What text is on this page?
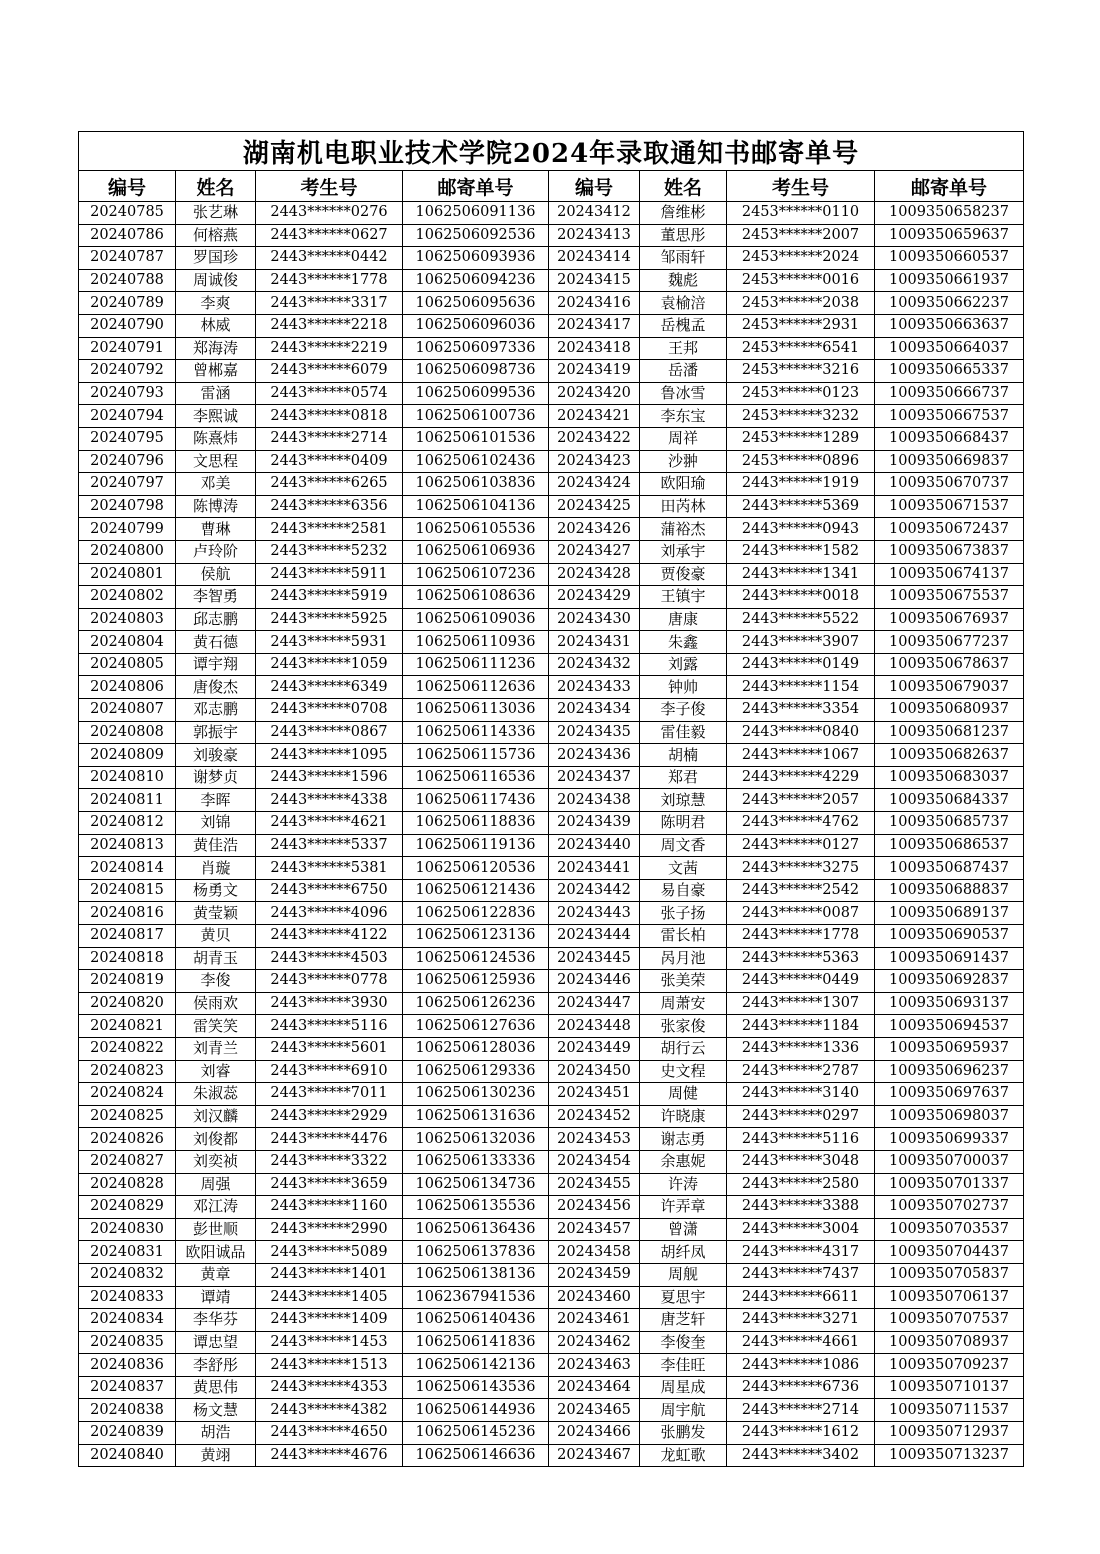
湖南机电职业技术学院2024年录取通知书邮寄单号							
编号	姓名	考生号	邮寄单号	编号	姓名	考生号	邮寄单号
20240785	张艺琳	2443******0276	1062506091136	20243412	詹维彬	2453******0110	1009350658237
20240786	何榕燕	2443******0627	1062506092536	20243413	董思彤	2453******2007	1009350659637
20240787	罗国珍	2443******0442	1062506093936	20243414	邹雨轩	2453******2024	1009350660537
20240788	周诚俊	2443******1778	1062506094236	20243415	魏彪	2453******0016	1009350661937
20240789	李爽	2443******3317	1062506095636	20243416	袁榆涪	2453******2038	1009350662237
20240790	林威	2443******2218	1062506096036	20243417	岳槐孟	2453******2931	1009350663637
20240791	郑海涛	2443******2219	1062506097336	20243418	王邦	2453******6541	1009350664037
20240792	曾郴嘉	2443******6079	1062506098736	20243419	岳潘	2453******3216	1009350665337
20240793	雷涵	2443******0574	1062506099536	20243420	鲁冰雪	2453******0123	1009350666737
20240794	李熙诚	2443******0818	1062506100736	20243421	李东宝	2453******3232	1009350667537
20240795	陈熹炜	2443******2714	1062506101536	20243422	周祥	2453******1289	1009350668437
20240796	文思程	2443******0409	1062506102436	20243423	沙翀	2453******0896	1009350669837
20240797	邓美	2443******6265	1062506103836	20243424	欧阳瑜	2443******1919	1009350670737
20240798	陈博涛	2443******6356	1062506104136	20243425	田芮林	2443******5369	1009350671537
20240799	曹琳	2443******2581	1062506105536	20243426	蒲裕杰	2443******0943	1009350672437
20240800	卢玲阶	2443******5232	1062506106936	20243427	刘承宇	2443******1582	1009350673837
20240801	侯航	2443******5911	1062506107236	20243428	贾俊豪	2443******1341	1009350674137
20240802	李智勇	2443******5919	1062506108636	20243429	王镇宇	2443******0018	1009350675537
20240803	邱志鹏	2443******5925	1062506109036	20243430	唐康	2443******5522	1009350676937
20240804	黄石德	2443******5931	1062506110936	20243431	朱鑫	2443******3907	1009350677237
20240805	谭宇翔	2443******1059	1062506111236	20243432	刘露	2443******0149	1009350678637
20240806	唐俊杰	2443******6349	1062506112636	20243433	钟帅	2443******1154	1009350679037
20240807	邓志鹏	2443******0708	1062506113036	20243434	李子俊	2443******3354	1009350680937
20240808	郭振宇	2443******0867	1062506114336	20243435	雷佳毅	2443******0840	1009350681237
20240809	刘骏豪	2443******1095	1062506115736	20243436	胡楠	2443******1067	1009350682637
20240810	谢梦贞	2443******1596	1062506116536	20243437	郑君	2443******4229	1009350683037
20240811	李晖	2443******4338	1062506117436	20243438	刘琼慧	2443******2057	1009350684337
20240812	刘锦	2443******4621	1062506118836	20243439	陈明君	2443******4762	1009350685737
20240813	黄佳浩	2443******5337	1062506119136	20243440	周文香	2443******0127	1009350686537
20240814	肖璇	2443******5381	1062506120536	20243441	文茜	2443******3275	1009350687437
20240815	杨勇文	2443******6750	1062506121436	20243442	易自豪	2443******2542	1009350688837
20240816	黄莹颖	2443******4096	1062506122836	20243443	张子扬	2443******0087	1009350689137
20240817	黄贝	2443******4122	1062506123136	20243444	雷长柏	2443******1778	1009350690537
20240818	胡青玉	2443******4503	1062506124536	20243445	呙月池	2443******5363	1009350691437
20240819	李俊	2443******0778	1062506125936	20243446	张美荣	2443******0449	1009350692837
20240820	侯雨欢	2443******3930	1062506126236	20243447	周萧安	2443******1307	1009350693137
20240821	雷笑笑	2443******5116	1062506127636	20243448	张家俊	2443******1184	1009350694537
20240822	刘青兰	2443******5601	1062506128036	20243449	胡行云	2443******1336	1009350695937
20240823	刘睿	2443******6910	1062506129336	20243450	史文程	2443******2787	1009350696237
20240824	朱淑蕊	2443******7011	1062506130236	20243451	周健	2443******3140	1009350697637
20240825	刘汉麟	2443******2929	1062506131636	20243452	许晓康	2443******0297	1009350698037
20240826	刘俊都	2443******4476	1062506132036	20243453	谢志勇	2443******5116	1009350699337
20240827	刘奕祯	2443******3322	1062506133336	20243454	余惠妮	2443******3048	1009350700037
20240828	周强	2443******3659	1062506134736	20243455	许涛	2443******2580	1009350701337
20240829	邓江涛	2443******1160	1062506135536	20243456	许弄章	2443******3388	1009350702737
20240830	彭世顺	2443******2990	1062506136436	20243457	曾潇	2443******3004	1009350703537
20240831	欧阳诚品	2443******5089	1062506137836	20243458	胡纤凤	2443******4317	1009350704437
20240832	黄章	2443******1401	1062506138136	20243459	周舰	2443******7437	1009350705837
20240833	谭靖	2443******1405	1062367941536	20243460	夏思宇	2443******6611	1009350706137
20240834	李华芬	2443******1409	1062506140436	20243461	唐芝轩	2443******3271	1009350707537
20240835	谭忠望	2443******1453	1062506141836	20243462	李俊奎	2443******4661	1009350708937
20240836	李舒彤	2443******1513	1062506142136	20243463	李佳旺	2443******1086	1009350709237
20240837	黄思伟	2443******4353	1062506143536	20243464	周星成	2443******6736	1009350710137
20240838	杨文慧	2443******4382	1062506144936	20243465	周宇航	2443******2714	1009350711537
20240839	胡浩	2443******4650	1062506145236	20243466	张鹏发	2443******1612	1009350712937
20240840	黄翊	2443******4676	1062506146636	20243467	龙虹歌	2443******3402	1009350713237
